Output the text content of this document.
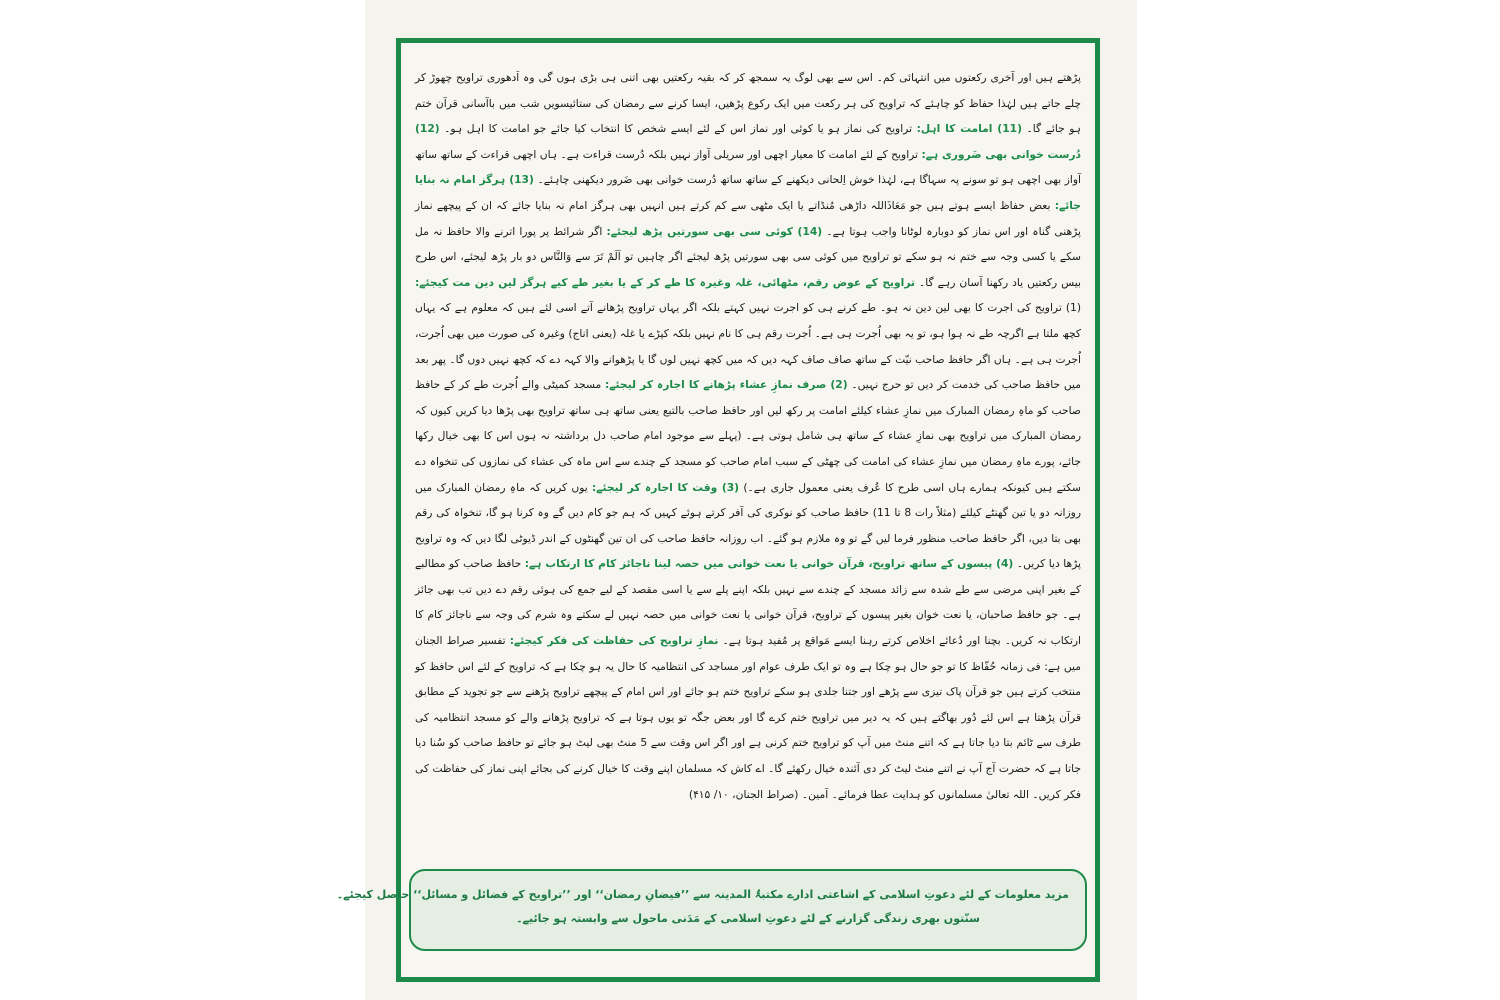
پڑھتے ہیں اور آخری رکعتوں میں انتہائی کم۔ اس سے بھی لوگ یہ سمجھ کر کہ بقیہ رکعتیں بھی اتنی ہی بڑی ہوں گی وہ اَدھوری تراویح چھوڑ کر چلے جاتے ہیں لہٰذا حفاظ کو چاہئے کہ تراویح کی ہر رکعت میں ایک رکوع پڑھیں، ایسا کرنے سے رمضان کی ستائیسویں شب میں باآسانی قرآن ختم ہو جائے گا۔ (11) امامت کا اہل: تراویح کی نماز ہو یا کوئی اور نماز اس کے لئے ایسے شخص کا انتخاب کیا جائے جو امامت کا اہل ہو۔ (12) دُرست خوانی بھی ضَروری ہے: تراویح کے لئے امامت کا معیار اچھی اور سریلی آواز نہیں بلکہ دُرست قراءت ہے۔ ہاں اچھی قراءت کے ساتھ ساتھ آواز بھی اچھی ہو تو سونے پہ سہاگا ہے، لہٰذا خوش اِلحانی دیکھنے کے ساتھ ساتھ دُرست خوانی بھی ضَرور دیکھنی چاہئے۔ (13) ہرگز امام نہ بنایا جائے: بعض حفاظ ایسے ہوتے ہیں جو مَعَاذَاللہ داڑھی مُنڈاتے یا ایک مٹھی سے کم کرتے ہیں انہیں بھی ہرگز امام نہ بنایا جائے کہ ان کے پیچھے نماز پڑھنی گناہ اور اس نماز کو دوبارہ لوٹانا واجب ہوتا ہے۔ (14) کوئی سی بھی سورتیں پڑھ لیجئے: اگر شرائط پر پورا اترنے والا حافظ نہ مل سکے یا کسی وجہ سے ختم نہ ہو سکے تو تراویح میں کوئی سی بھی سورتیں پڑھ لیجئے اگر چاہیں تو اَلَمْ تَرَ سے وَالنَّاس دو بار پڑھ لیجئے، اس طرح بیس رکعتیں یاد رکھنا آسان رہے گا۔ تراویح کے عوض رقم، مٹھائی، غلہ وغیرہ کا طے کر کے یا بغیر طے کیے ہرگز لین دین مت کیجئے: (1) تراویح کی اجرت کا بھی لین دین نہ ہو۔ طے کرنے ہی کو اجرت نہیں کہتے بلکہ اگر یہاں تراویح پڑھانے آتے اسی لئے ہیں کہ معلوم ہے کہ یہاں کچھ ملتا ہے اگرچہ طے نہ ہوا ہو، تو یہ بھی اُجرت ہی ہے۔ اُجرت رقم ہی کا نام نہیں بلکہ کپڑے یا غلہ (یعنی اناج) وغیرہ کی صورت میں بھی اُجرت، اُجرت ہی ہے۔ ہاں اگر حافظ صاحب نیّت کے ساتھ صاف صاف کہہ دیں کہ میں کچھ نہیں لوں گا یا پڑھوانے والا کہہ دے کہ کچھ نہیں دوں گا۔ پھر بعد میں حافظ صاحب کی خدمت کر دیں تو حرج نہیں۔ (2) صرف نمازِ عشاء پڑھانے کا اجارہ کر لیجئے: مسجد کمیٹی والے اُجرت طے کر کے حافظ صاحب کو ماہِ رمضان المبارک میں نمازِ عشاء کیلئے امامت پر رکھ لیں اور حافظ صاحب بالتبع یعنی ساتھ ہی ساتھ تراویح بھی پڑھا دیا کریں کیوں کہ رمضان المبارک میں تراویح بھی نمازِ عشاء کے ساتھ ہی شامل ہوتی ہے۔ (پہلے سے موجود امام صاحب دل برداشتہ نہ ہوں اس کا بھی خیال رکھا جائے، پورے ماہِ رمضان میں نمازِ عشاء کی امامت کی چھٹی کے سبب امام صاحب کو مسجد کے چندے سے اس ماہ کی عشاء کی نمازوں کی تنخواہ دے سکتے ہیں کیونکہ ہمارے ہاں اسی طرح کا عُرف یعنی معمول جاری ہے۔) (3) وقت کا اجارہ کر لیجئے: یوں کریں کہ ماہِ رمضان المبارک میں روزانہ دو یا تین گھنٹے کیلئے (مثلاً رات 8 تا 11) حافظ صاحب کو نوکری کی آفر کرتے ہوئے کہیں کہ ہم جو کام دیں گے وہ کرنا ہو گا، تنخواہ کی رقم بھی بتا دیں، اگر حافظ صاحب منظور فرما لیں گے تو وہ ملازم ہو گئے۔ اب روزانہ حافظ صاحب کی ان تین گھنٹوں کے اندر ڈیوٹی لگا دیں کہ وہ تراویح پڑھا دیا کریں۔ (4) پیسوں کے ساتھ تراویح، قرآن خوانی یا نعت خوانی میں حصہ لینا ناجائز کام کا ارتکاب ہے: حافظ صاحب کو مطالبے کے بغیر اپنی مرضی سے طے شدہ سے زائد مسجد کے چندے سے نہیں بلکہ اپنے پلے سے یا اسی مقصد کے لیے جمع کی ہوئی رقم دے دیں تب بھی جائز ہے۔ جو حافظ صاحبان، یا نعت خوان بغیر پیسوں کے تراویح، قرآن خوانی یا نعت خوانی میں حصہ نہیں لے سکتے وہ شرم کی وجہ سے ناجائز کام کا ارتکاب نہ کریں۔ بچنا اور دُعائے اخلاص کرتے رہنا ایسے مَواقع پر مُفید ہوتا ہے۔ نمازِ تراویح کی حفاظت کی فکر کیجئے: تفسیر صراط الجنان میں ہے: فی زمانہ حُفّاظ کا تو جو حال ہو چکا ہے وہ تو ایک طرف عوام اور مساجد کی انتظامیہ کا حال یہ ہو چکا ہے کہ تراویح کے لئے اس حافظ کو منتخب کرتے ہیں جو قرآن پاک تیزی سے پڑھے اور جتنا جلدی ہو سکے تراویح ختم ہو جائے اور اس امام کے پیچھے تراویح پڑھنے سے جو تجوید کے مطابق قرآن پڑھتا ہے اس لئے دُور بھاگتے ہیں کہ یہ دیر میں تراویح ختم کرے گا اور بعض جگہ تو یوں ہوتا ہے کہ تراویح پڑھانے والے کو مسجد انتظامیہ کی طرف سے ٹائم بتا دیا جاتا ہے کہ اتنے منٹ میں آپ کو تراویح ختم کرنی ہے اور اگر اس وقت سے 5 منٹ بھی لیٹ ہو جائے تو حافظ صاحب کو سُنا دیا جاتا ہے کہ حضرت آج آپ نے اتنے منٹ لیٹ کر دی آئندہ خیال رکھئے گا۔ اے کاش کہ مسلمان اپنے وقت کا خیال کرنے کی بجائے اپنی نماز کی حفاظت کی فکر کریں۔ اللہ تعالیٰ مسلمانوں کو ہدایت عطا فرمائے۔ آمین۔ (صراط الجنان، ۱۰/ ۴۱۵)
مزید معلومات کے لئے دعوتِ اسلامی کے اشاعتی ادارے مکتبۃُ المدینہ سے ’’فیضانِ رمضان‘‘ اور ’’تراویح کے فضائل و مسائل‘‘ حاصل کیجئے۔
سنّتوں بھری زندگی گزارنے کے لئے دعوتِ اسلامی کے مَدَنی ماحول سے وابستہ ہو جائیے۔
